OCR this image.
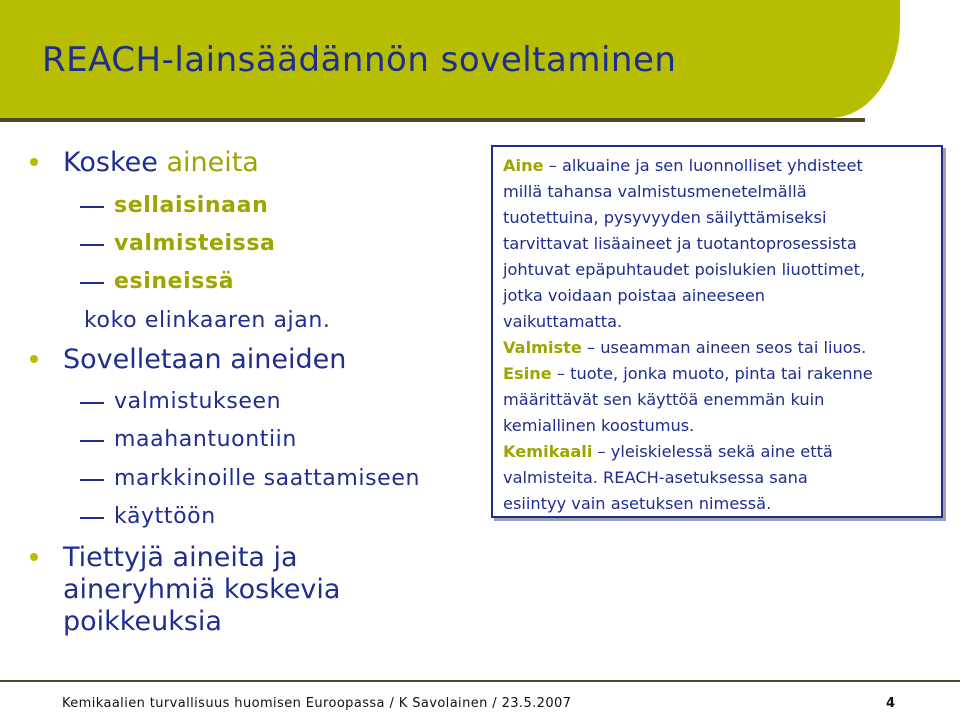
REACH-lainsäädännön soveltaminen
Koskee aineita
sellaisinaan
valmisteissa
esineissä
koko elinkaaren ajan.
Sovelletaan aineiden
valmistukseen
maahantuontiin
markkinoille saattamiseen
käyttöön
Tiettyjä aineita ja
aineryhmiä koskevia
poikkeuksia
Aine – alkuaine ja sen luonnolliset yhdisteet
millä tahansa valmistusmenetelmällä
tuotettuina, pysyvyyden säilyttämiseksi
tarvittavat lisäaineet ja tuotantoprosessista
johtuvat epäpuhtaudet poislukien liuottimet,
jotka voidaan poistaa aineeseen
vaikuttamatta.
Valmiste – useamman aineen seos tai liuos.
Esine – tuote, jonka muoto, pinta tai rakenne
määrittävät sen käyttöä enemmän kuin
kemiallinen koostumus.
Kemikaali – yleiskielessä sekä aine että
valmisteita. REACH-asetuksessa sana
esiintyy vain asetuksen nimessä.
Kemikaalien turvallisuus huomisen Euroopassa / K Savolainen / 23.5.2007	4
